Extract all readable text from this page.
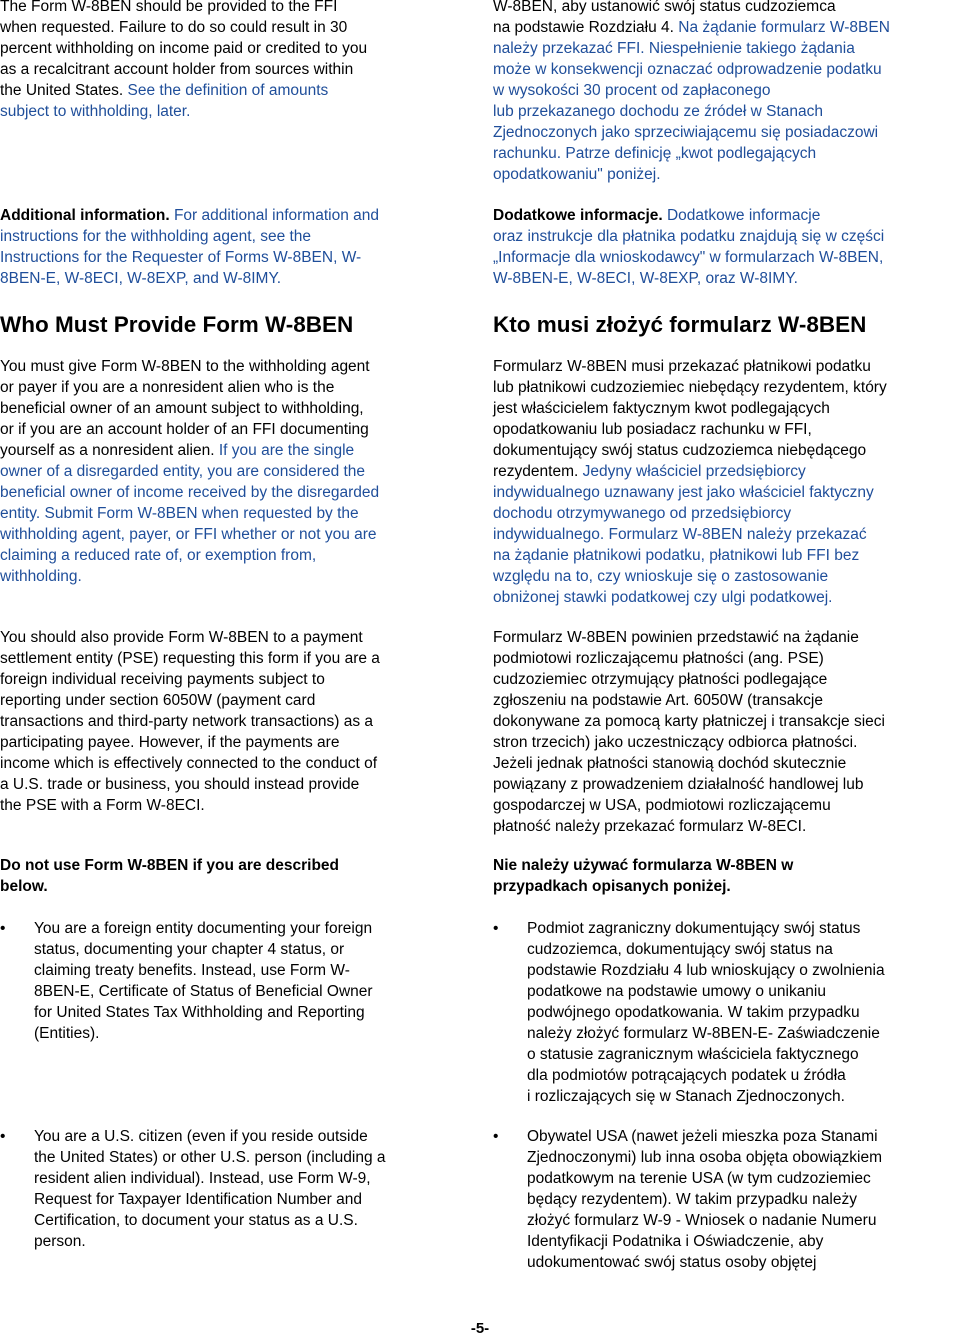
The Form W-8BEN should be provided to the FFI
when requested. Failure to do so could result in 30
percent withholding on income paid or credited to you
as a recalcitrant account holder from sources within
the United States. See the definition of amounts
subject to withholding, later.

Additional information. For additional information and
instructions for the withholding agent, see the
Instructions for the Requester of Forms W-8BEN, W-
8BEN-E, W-8ECI, W-8EXP, and W-8IMY.

Who Must Provide Form W-8BEN

You must give Form W-8BEN to the withholding agent
or payer if you are a nonresident alien who is the
beneficial owner of an amount subject to withholding,
or if you are an account holder of an FFI documenting
yourself as a nonresident alien. If you are the single
owner of a disregarded entity, you are considered the
beneficial owner of income received by the disregarded
entity. Submit Form W-8BEN when requested by the
withholding agent, payer, or FFI whether or not you are
claiming a reduced rate of, or exemption from,
withholding.

You should also provide Form W-8BEN to a payment
settlement entity (PSE) requesting this form if you are a
foreign individual receiving payments subject to
reporting under section 6050W (payment card
transactions and third-party network transactions) as a
participating payee. However, if the payments are
income which is effectively connected to the conduct of
a U.S. trade or business, you should instead provide
the PSE with a Form W-8ECI.

Do not use Form W-8BEN if you are described
below.

• You are a foreign entity documenting your foreign
status, documenting your chapter 4 status, or
claiming treaty benefits. Instead, use Form W-
8BEN-E, Certificate of Status of Beneficial Owner
for United States Tax Withholding and Reporting
(Entities).
• You are a U.S. citizen (even if you reside outside
the United States) or other U.S. person (including a
resident alien individual). Instead, use Form W-9,
Request for Taxpayer Identification Number and
Certification, to document your status as a U.S.
person.

W-8BEN, aby ustanowić swój status cudzoziemca
na podstawie Rozdziału 4. Na żądanie formularz W-8BEN
należy przekazać FFI. Niespełnienie takiego żądania
może w konsekwencji oznaczać odprowadzenie podatku
w wysokości 30 procent od zapłaconego
lub przekazanego dochodu ze źródeł w Stanach
Zjednoczonych jako sprzeciwiającemu się posiadaczowi
rachunku. Patrze definicję „kwot podlegających
opodatkowaniu" poniżej.

Dodatkowe informacje. Dodatkowe informacje
oraz instrukcje dla płatnika podatku znajdują się w części
„Informacje dla wnioskodawcy" w formularzach W-8BEN,
W-8BEN-E, W-8ECI, W-8EXP, oraz W-8IMY.

Kto musi złożyć formularz W-8BEN

Formularz W-8BEN musi przekazać płatnikowi podatku
lub płatnikowi cudzoziemiec niebędący rezydentem, który
jest właścicielem faktycznym kwot podlegających
opodatkowaniu lub posiadacz rachunku w FFI,
dokumentujący swój status cudzoziemca niebędącego
rezydentem. Jedyny właściciel przedsiębiorcy
indywidualnego uznawany jest jako właściciel faktyczny
dochodu otrzymywanego od przedsiębiorcy
indywidualnego. Formularz W-8BEN należy przekazać
na żądanie płatnikowi podatku, płatnikowi lub FFI bez
względu na to, czy wnioskuje się o zastosowanie
obniżonej stawki podatkowej czy ulgi podatkowej.

Formularz W-8BEN powinien przedstawić na żądanie
podmiotowi rozliczającemu płatności (ang. PSE)
cudzoziemiec otrzymujący płatności podlegające
zgłoszeniu na podstawie Art. 6050W (transakcje
dokonywane za pomocą karty płatniczej i transakcje sieci
stron trzecich) jako uczestniczący odbiorca płatności.
Jeżeli jednak płatności stanowią dochód skutecznie
powiązany z prowadzeniem działalność handlowej lub
gospodarczej w USA, podmiotowi rozliczającemu
płatność należy przekazać formularz W-8ECI.

Nie należy używać formularza W-8BEN w
przypadkach opisanych poniżej.

• Podmiot zagraniczny dokumentujący swój status
cudzoziemca, dokumentujący swój status na
podstawie Rozdziału 4 lub wnioskujący o zwolnienia
podatkowe na podstawie umowy o unikaniu
podwójnego opodatkowania. W takim przypadku
należy złożyć formularz W-8BEN-E- Zaświadczenie
o statusie zagranicznym właściciela faktycznego
dla podmiotów potrącających podatek u źródła
i rozliczających się w Stanach Zjednoczonych.
• Obywatel USA (nawet jeżeli mieszka poza Stanami
Zjednoczonymi) lub inna osoba objęta obowiązkiem
podatkowym na terenie USA (w tym cudzoziemiec
będący rezydentem). W takim przypadku należy
złożyć formularz W-9 - Wniosek o nadanie Numeru
Identyfikacji Podatnika i Oświadczenie, aby
udokumentować swój status osoby objętej
-5-
